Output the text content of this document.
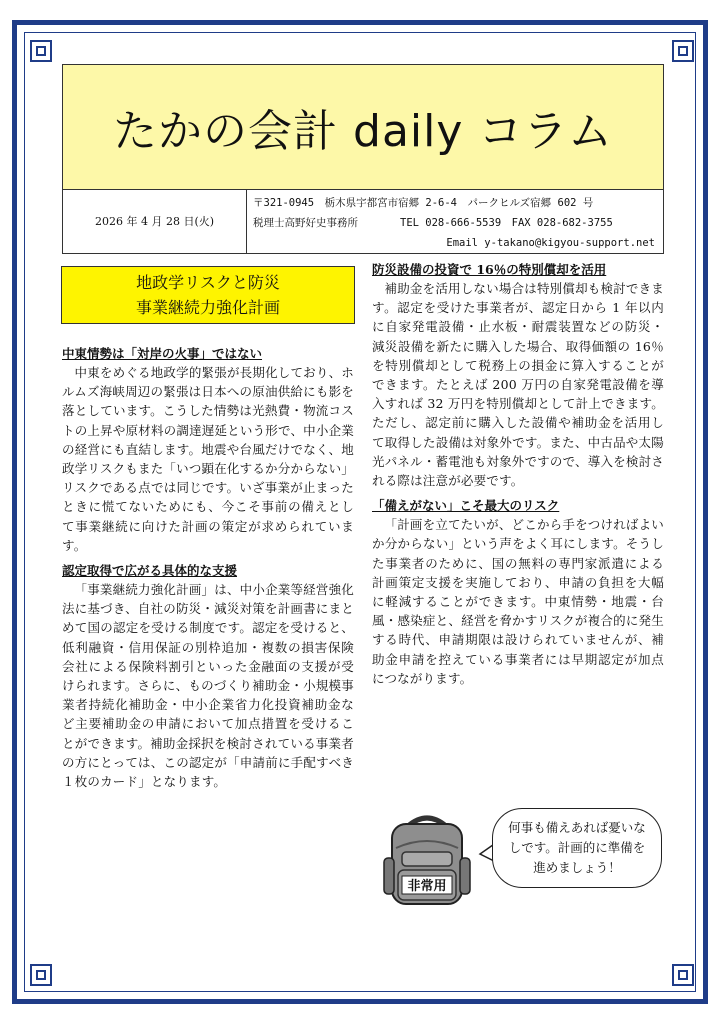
たかの会計 daily コラム
2026 年 4 月 28 日(火)
〒321-0945　栃木県宇都宮市宿郷 2-6-4　パークヒルズ宿郷 602 号
税理士高野好史事務所　　　　	TEL 028-666-5539　FAX 028-682-3755
Email y-takano@kigyou-support.net
地政学リスクと防災
事業継続力強化計画
中東情勢は「対岸の火事」ではない
中東をめぐる地政学的緊張が長期化しており、ホルムズ海峡周辺の緊張は日本への原油供給にも影を落としています。こうした情勢は光熱費・物流コストの上昇や原材料の調達遅延という形で、中小企業の経営にも直結します。地震や台風だけでなく、地政学リスクもまた「いつ顕在化するか分からない」リスクである点では同じです。いざ事業が止まったときに慌てないためにも、今こそ事前の備えとして事業継続に向けた計画の策定が求められています。
認定取得で広がる具体的な支援
「事業継続力強化計画」は、中小企業等経営強化法に基づき、自社の防災・減災対策を計画書にまとめて国の認定を受ける制度です。認定を受けると、低利融資・信用保証の別枠追加・複数の損害保険会社による保険料割引といった金融面の支援が受けられます。さらに、ものづくり補助金・小規模事業者持続化補助金・中小企業省力化投資補助金など主要補助金の申請において加点措置を受けることができます。補助金採択を検討されている事業者の方にとっては、この認定が「申請前に手配すべき１枚のカード」となります。
防災設備の投資で 16％の特別償却を活用
補助金を活用しない場合は特別償却も検討できます。認定を受けた事業者が、認定日から 1 年以内に自家発電設備・止水板・耐震装置などの防災・減災設備を新たに購入した場合、取得価額の 16％を特別償却として税務上の損金に算入することができます。たとえば 200 万円の自家発電設備を導入すれば 32 万円を特別償却として計上できます。ただし、認定前に購入した設備や補助金を活用して取得した設備は対象外です。また、中古品や太陽光パネル・蓄電池も対象外ですので、導入を検討される際は注意が必要です。
「備えがない」こそ最大のリスク
「計画を立てたいが、どこから手をつければよいか分からない」という声をよく耳にします。そうした事業者のために、国の無料の専門家派遣による計画策定支援を実施しており、申請の負担を大幅に軽減することができます。中東情勢・地震・台風・感染症と、経営を脅かすリスクが複合的に発生する時代、申請期限は設けられていませんが、補助金申請を控えている事業者には早期認定が加点につながります。
非常用
何事も備えあれば憂いなしです。計画的に準備を進めましょう！
